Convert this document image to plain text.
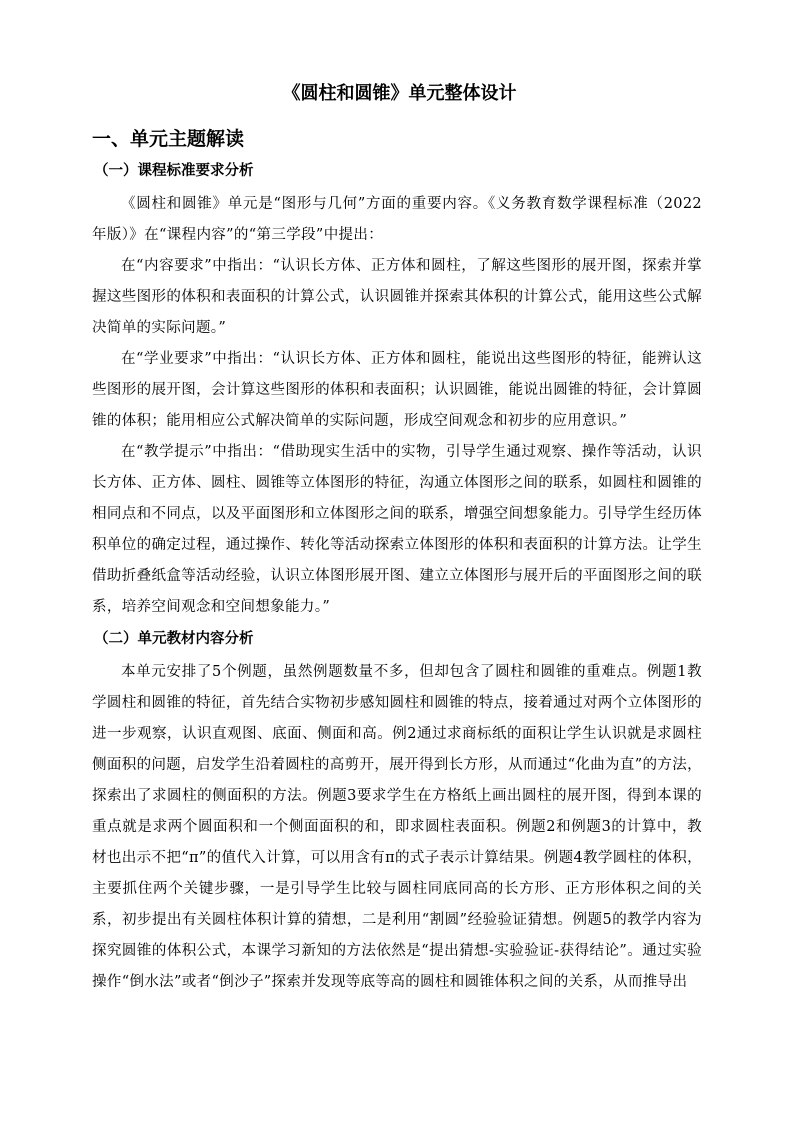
《圆柱和圆锥》单元整体设计
一、单元主题解读
（一）课程标准要求分析

《圆柱和圆锥》单元是“图形与几何”方面的重要内容。《义务教育数学课程标准（2022年版）》在“课程内容”的“第三学段”中提出：

在“内容要求”中指出：“认识长方体、正方体和圆柱，了解这些图形的展开图，探索并掌握这些图形的体积和表面积的计算公式，认识圆锥并探索其体积的计算公式，能用这些公式解决简单的实际问题。”

在“学业要求”中指出：“认识长方体、正方体和圆柱，能说出这些图形的特征，能辨认这些图形的展开图，会计算这些图形的体积和表面积；认识圆锥，能说出圆锥的特征，会计算圆锥的体积；能用相应公式解决简单的实际问题，形成空间观念和初步的应用意识。”

在“教学提示”中指出：“借助现实生活中的实物，引导学生通过观察、操作等活动，认识长方体、正方体、圆柱、圆锥等立体图形的特征，沟通立体图形之间的联系，如圆柱和圆锥的相同点和不同点，以及平面图形和立体图形之间的联系，增强空间想象能力。引导学生经历体积单位的确定过程，通过操作、转化等活动探索立体图形的体积和表面积的计算方法。让学生借助折叠纸盒等活动经验，认识立体图形展开图、建立立体图形与展开后的平面图形之间的联系，培养空间观念和空间想象能力。”

（二）单元教材内容分析

本单元安排了5个例题，虽然例题数量不多，但却包含了圆柱和圆锥的重难点。例题1教学圆柱和圆锥的特征，首先结合实物初步感知圆柱和圆锥的特点，接着通过对两个立体图形的进一步观察，认识直观图、底面、侧面和高。例2通过求商标纸的面积让学生认识就是求圆柱侧面积的问题，启发学生沿着圆柱的高剪开，展开得到长方形，从而通过“化曲为直”的方法，探索出了求圆柱的侧面积的方法。例题3要求学生在方格纸上画出圆柱的展开图，得到本课的重点就是求两个圆面积和一个侧面面积的和，即求圆柱表面积。例题2和例题3的计算中，教材也出示不把“π”的值代入计算，可以用含有π的式子表示计算结果。例题4教学圆柱的体积，主要抓住两个关键步骤，一是引导学生比较与圆柱同底同高的长方形、正方形体积之间的关系，初步提出有关圆柱体积计算的猜想，二是利用“割圆”经验验证猜想。例题5的教学内容为探究圆锥的体积公式，本课学习新知的方法依然是“提出猜想-实验验证-获得结论”。通过实验操作“倒水法”或者“倒沙子”探索并发现等底等高的圆柱和圆锥体积之间的关系，从而推导出
